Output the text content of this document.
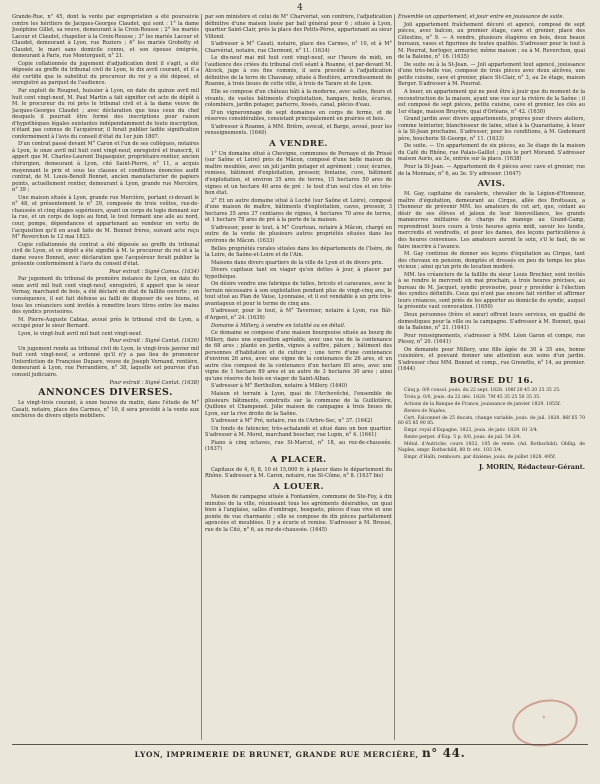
4

Grande-Rue, n° 45, dont la vente par expropriation a été poursuivie contre les héritiers de Jacques-Georges Claudet, qui sont : 1° la dame Joséphine Gillet, sa veuve, demeurant à la Croix-Rousse ; 2° les mariés Lacour et Claudet, chapelier à la Croix-Rousse ; 3° les mariés Lacour et Claudet, demeurant à Lyon, rue Roziers ; 4° les mariés Grobotty et Claudet, le mari sans domicile connu, et son épouse émigrée, demeurant à Paris, rue Montorgueil, n° 21.

Copie collationnée du jugement d'adjudication dont il s'agit, a été déposée au greffe du tribunal civil de Lyon, le dix avril courant, et il a été certifié que le substitut du procureur du roi y a été déposé, et enregistré au parquet de l'audience.

Par exploit de Rougnet, huissier à Lyon, en date du quinze avril mil huit cent vingt-neuf, M. Paul Martin a fait signifier cet acte de dépôt à M. le procureur du roi près le tribunal civil et à la dame veuve de Jacques-Georges Claudet ; avec déclaration que tous ceux du chef desquels il pourrait être formé des inscriptions pour raison d'hypothèques légales existantes indépendamment de toute inscription, n'étant pas connus de l'acquéreur, il ferait publier ladite signification conformément à l'avis du conseil d'état du 1er juin 1807.

D'un contrat passé devant M° Caron et l'un de ses collègues, notaires à Lyon, le onze avril mil huit cent vingt-neuf, enregistré et transcrit, il appert que M. Charles-Laurent Dupasquier, propriétaire-rentier, ancien chirurgien, demeurant à Lyon, cité Saint-Pierre, n° 11, a acquis moyennant le prix et sous les clauses et conditions énoncées audit contrat, de M. Louis-Benoît Bonnet, ancien manufacturier de papiers peints, actuellement rentier, demeurant à Lyon, grande rue Mercière, n° 39 ;

Une maison située à Lyon, grande rue Mercière, portant ci-devant le n° 48, et présentement le n° 39, composée de trois voûtes, rez-de-chaussée et cinq étages supérieurs, ayant un corps de logis donnant sur la rue, et un corps de logis au fond, le tout formant une aile au nord, cour, pompe, dépendances et appartenant au vendeur en vertu de l'acquisition qu'il en avait faite de M. Bonnet frères, suivant acte reçu M° Reverchon le 12 mai 1823.

Copie collationnée du contrat a été déposée au greffe du tribunal civil de Lyon, et ce dépôt a été signifié à M. le procureur du roi et à la dame veuve Bonnet, avec déclaration que l'acquéreur ferait publier la présente conformément à l'avis du conseil d'état.

Pour extrait : Signé Camus. (1634)

Par jugement du tribunal de première instance de Lyon, en date du onze avril mil huit cent vingt-neuf, enregistré, il appert que le sieur Vernay, marchand de bois, a été déclaré en état de faillite ouverte ; en conséquence, il est fait défense au failli de disposer de ses biens, et tous les créanciers sont invités à remettre leurs titres entre les mains des syndics provisoires.

M. Pierre-Auguste Cabias, avoué près le tribunal civil de Lyon, a occupé pour le sieur Bernard.

Lyon, le vingt-huit avril mil huit cent vingt-neuf.

Pour extrait : Signé Cantat. (1636)

Un jugement rendu au tribunal civil de Lyon, le vingt-trois janvier mil huit cent vingt-neuf, a ordonné qu'il n'y a pas lieu de prononcer l'interdiction de Françoise Dupare, veuve de Joseph Vernand, rentière, demeurant à Lyon, rue Ferrandière, n° 38, laquelle est pourvue d'un conseil judiciaire.

Pour extrait : Signé Cantat. (1638)

ANNONCES DIVERSES.

Le vingt-trois courant, à onze heures du matin, dans l'étude de M° Casati, notaire, place des Carmes, n° 10, il sera procédé à la vente aux enchères de divers objets mobiliers.

par son ministère et celui de M° Charvériat, son confrère, l'adjudication définitive d'une maison louée par bail général pour 6 ; située à Lyon, quartier Saint-Clair, près la place des Petits-Pères, appartenant au sieur Villond.

S'adresser à M° Casati, notaire, place des Carmes, n° 10, et à M° Charvériat, notaire, rue Clermont, n° 11. (1634)

Le dix-neuf mai mil huit cent vingt-neuf, sur l'heure de midi, en l'audience des criées du tribunal civil séant à Roanne, et par-devant M. Alcock, juge à ces fins commis, il sera procédé à l'adjudication définitive de la terre de Chavanay, située à Boutière, arrondissement de Roanne, à trois lieues de cette ville, à trois de Tarare et de Lyon.

Elle se compose d'un château bâti à la moderne, avec salles, fleurs et vivants, de vastes bâtiments d'exploitation, hangars, fenils, écuries, colombiers, jardin potager, parterre, fossés, canal, pièces d'eau.

D'un vigneronnage de sept domaines en corps de ferme, et de réserves considérables, consistant principalement en prairies et bois.

S'adresser à Roanne, à MM. Brière, avocat, et Barge, avoué, pour les renseignements. (1640)

A VENDRE.

1° Un domaine situé à Chevigne, communes de Pernaye et de Prissé (sur Saône et Loire) près de Mâcon, composé d'une belle maison de maître meublée, avec un joli jardin potager et agrément ; cour, écuries, remises, bâtiment d'exploitation, pressoir, fontaine, cuve, bâtiment d'exploitation, et environ 35 ares de terres, 15 hectares 50 ares de vignes et un hectare 40 ares de pré : le tout d'un seul clos et en très-bon état.

2° Et un autre domaine situé à Loché (sur Saône et Loire), composé d'une maison de maître, bâtiments d'exploitation, caves, pressoir, 3 hectares 35 ares 37 centiares de vignes, 4 hectares 70 ares de terres, et 1 hectare 78 ares de pré à la porte de la maison.

S'adresser, pour le tout, à M° Courteau, notaire à Mâcon, chargé en outre de la vente de plusieurs autres propriétés situées dans les environs de Mâcon. (1633)

Belles propriétés rurales situées dans les départements de l'Isère, de la Loire, de Saône-et-Loire et de l'Ain.

Maisons dans divers quartiers de la ville de Lyon et de divers prix.

Divers capitaux tant en viager qu'en dettes à jour, à placer par hypothèque.

On désire vendre une fabrique de tulles, bricots et caravanes, avec le terrain nécessaire à son exploitation pendant plus de vingt-cinq ans, le tout situé au Plan de Vaise, Lyonnaise, et il est vendable à un prix très-avantageux et pour le terme de cinq ans.

S'adresser, pour le tout, à M° Tavernier, notaire à Lyon, rue Bât-d'Argent, n° 24. (1639)

Domaine à Millery, à vendre en totalité ou en détail.

Ce domaine se compose d'une maison bourgeoise située au bourg de Millery, dans une exposition agréable, avec une vue de la contenance de 68 ares ; planté en jardin, vignes à suffire, pâture ; bâtiment des personnes d'habitation et de culture ; une terre d'une contenance d'environ 26 ares, avec une vigne de la contenance de 26 ares, et un autre clos composé de la contenance d'un hectare 85 ares, avec une vigne de 1 hectare 89 ares et un autre de 3 hectares 30 ares ; ainsi qu'une réserve de bois en viager de Saint-Alban.

S'adresser à M° Berthollon, notaire à Millery. (1640)

Maison et terrain à Lyon, quai de l'Archevêché, l'ensemble de plusieurs bâtiments, construits sur la commune de la Guillotière, Quillons et Champenet. Jolie maison de campagne à trois lieues de Lyon, sur la rive droite de la Saône.

S'adresser à M° Pré, notaire, rue de l'Arbre-Sec, n° 37. (1642)

Un fonds de faïencier, très-achalandé et situé dans un bon quartier. S'adresser à M. Morel, marchand boucher, rue Lupin, n° 4. (1641)

Piano à cinq octaves, rue St-Marcel, n° 18, au rez-de-chaussée. (1637)

A PLACER.

Capitaux de 4, 6, 8, 10 et 15,000 fr. à placer dans le département du Rhône. S'adresser à M. Caron, notaire, rue St-Côme, n° 8. (1637 bis)

A LOUER.

Maison de campagne située à Fontanière, commune de Ste-Foy, à dix minutes de la ville, réunissant tous les agréments désirables, un quai bien à l'anglaise, salles d'ombrage, bosquets, pièces d'eau vive et une pointe de vue charmante ; elle se compose de dix pièces parfaitement agencées et meublées. Il y a écurie et remise. S'adresser à M. Brossé, rue de la Cité, n° 6, au rez-de-chaussée. (1645)

Ensemble un appartement, et jouir entre en jouissance de suite.

Joli appartement fraîchement décoré et agencé, composé de sept pièces, avec balcon, au premier étage, cave et grenier, place des Célestins, n° 9. — A vendre, plusieurs étagères en bois, deux beaux bureaux, vases et figurines de toutes qualités. S'adresser pour le tout à M. Pourrat, horloger, armurier, même maison ; ou à M. Reverchon, quai de la Baleine, n° 16. (1635)

De suite ou à la St-Jean. — Joli appartement tout agencé, jouissance d'une très-belle vue, composé de trois pièces avec deux alcôves, une petite cuisine, cave et grenier, place St-Clair, n° 3, au 2e étage, maison Berger. S'adresser à M. Pourrat.

A louer, un appartement qui ne peut être à jouir que du moment de la reconstruction de la maison, ayant une vue sur la rivière de la Saône ; il est composé de sept pièces, petite cuisine, cave et grenier, les clés au 1er étage, maison Bruyère, quai d'Orléans, n° 42. (1630)

Grand jardin avec divers appartements, propres pour divers ateliers, comme teinturier, blanchisseur de laine, situé à la Quarantaine, à louer à la St-Jean prochaine. S'adresser, pour les conditions, à M. Godemard père, boucherie St-George, n° 11. (1633)

De suite. — Un appartement de six pièces, au 3e étage de la maison du Café du Rhône, rue Palais-Gaillot ; puis le port Morand. S'adresser maison Aurio, au 3e, entrée sur la place. (1638)

Pour la St-Jean. — Appartement de 4 pièces avec cave et grenier, rue de la Monnaie, n° 6, au 3e. S'y adresser. (1647)

AVIS.

M. Gay, capitaine de cavalerie, chevalier de la Légion-d'Honneur, maître d'équitation, demeurant au Cirque, allée des Brotteaux, a l'honneur de prévenir MM. les amateurs de cet art, que, cédant au désir de ses élèves et jaloux de leur bienveillance, les grands manœuvres militaires de charge du manège au Grand-Camp, reprendront leurs cours à trois heures après midi, savoir les lundis, mercredis et vendredis, et pour les dames, des leçons particulières à des heures convenues. Les amateurs auront le soin, s'il le faut, de se faire inscrire à l'avance.

M. Gay continue de donner ses leçons d'équitation au Cirque, tant des chevaux en pension, domptés et dressés en peu de temps les plus vicieux ; ainsi qu'un prix de location modéré.

MM. les créanciers de la faillite du sieur Louis Brochier, sont invités à se rendre le mercredi six mai prochain, à trois heures précises, au bureau de M. Jacquet, syndic provisoire, pour y procéder à l'élection des syndics définitifs. Ceux qui n'ont pas encore fait vérifier et affirmer leurs créances, sont priés de les apporter au domicile du syndic, auquel la présente vaut convocation. (1650)

Deux personnes (frère et sœur) offrent leurs services, en qualité de domestiques pour la ville ou la campagne. S'adresser à M. Bonnet, quai de la Baleine, n° 21. (1641)

Pour renseignements, s'adresser à MM. Léon Garon et compe, rue Plessy, n° 20. (1641)

On demande pour Millery, une fille âgée de 30 à 35 ans, bonne cuisinière, et pouvant donner une attention aux soins d'un jardin. S'adresser chez MM. Bonnet et comp., rue Grenette, n° 14, au premier. (1644)

BOURSE DU 16.

Cinq p. 0/0 consol. jouis. du 22 sept. 1828. 108f 20 45 20 25 35 25.

Trois p. 0/0, jouis. du 22 déc. 1828. 79f 45 35 25 50 35 35.

Actions de la Banque de France, jouissance de janvier 1829. 1855f.

Rentes de Naples.

Cert. Falconnet de 25 ducats, change variable, jouis. de juil. 1828. 86f 65 70 60 65 85 90 85.

Empr. royal d'Espagne, 1823, jouis. de janv. 1829. 81 3/4.

Rente perpet. d'Esp. 5 p. 0/0, jouis. de juil. 54 3/4.

Métal. d'Autriche, cours 1832, 105 de rente. (Ad. Rothschild). Obllig. de Naples, empr. Rothschild, 80 fr. etc. 103 3/4.

Empr. d'Haïti, rembours. par dixième, jouis. de juillet 1828. 495f.

J. MORIN, Rédacteur-Gérant.
✦
LYON, IMPRIMERIE DE BRUNET, GRANDE RUE MERCIÈRE, n° 44.
